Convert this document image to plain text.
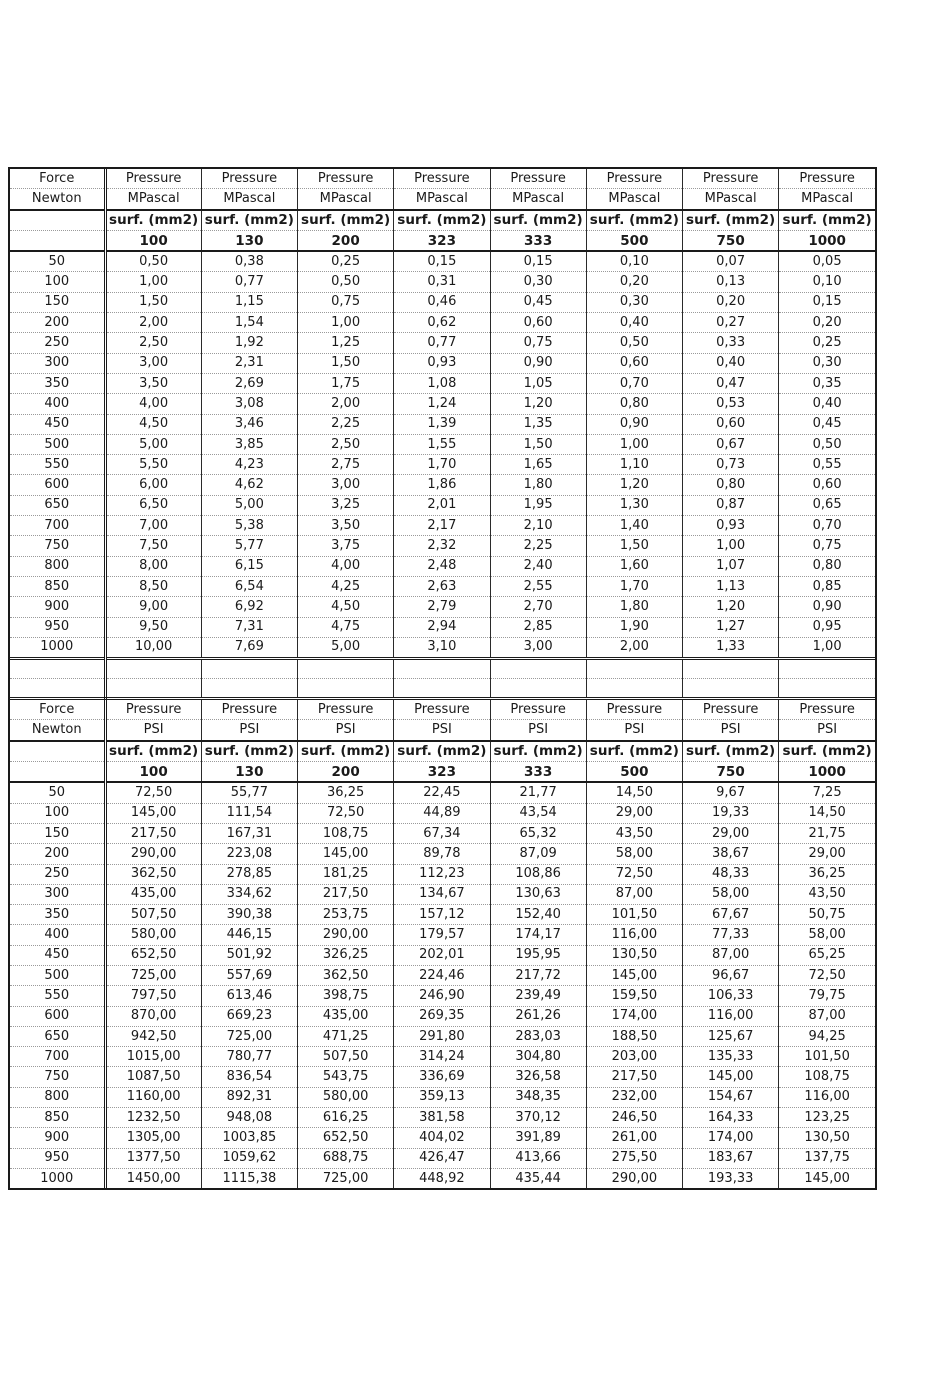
Force	Pressure	Pressure	Pressure	Pressure	Pressure	Pressure	Pressure	Pressure
Newton	MPascal	MPascal	MPascal	MPascal	MPascal	MPascal	MPascal	MPascal
	surf. (mm2)	surf. (mm2)	surf. (mm2)	surf. (mm2)	surf. (mm2)	surf. (mm2)	surf. (mm2)	surf. (mm2)
	100	130	200	323	333	500	750	1000
50	0,50	0,38	0,25	0,15	0,15	0,10	0,07	0,05
100	1,00	0,77	0,50	0,31	0,30	0,20	0,13	0,10
150	1,50	1,15	0,75	0,46	0,45	0,30	0,20	0,15
200	2,00	1,54	1,00	0,62	0,60	0,40	0,27	0,20
250	2,50	1,92	1,25	0,77	0,75	0,50	0,33	0,25
300	3,00	2,31	1,50	0,93	0,90	0,60	0,40	0,30
350	3,50	2,69	1,75	1,08	1,05	0,70	0,47	0,35
400	4,00	3,08	2,00	1,24	1,20	0,80	0,53	0,40
450	4,50	3,46	2,25	1,39	1,35	0,90	0,60	0,45
500	5,00	3,85	2,50	1,55	1,50	1,00	0,67	0,50
550	5,50	4,23	2,75	1,70	1,65	1,10	0,73	0,55
600	6,00	4,62	3,00	1,86	1,80	1,20	0,80	0,60
650	6,50	5,00	3,25	2,01	1,95	1,30	0,87	0,65
700	7,00	5,38	3,50	2,17	2,10	1,40	0,93	0,70
750	7,50	5,77	3,75	2,32	2,25	1,50	1,00	0,75
800	8,00	6,15	4,00	2,48	2,40	1,60	1,07	0,80
850	8,50	6,54	4,25	2,63	2,55	1,70	1,13	0,85
900	9,00	6,92	4,50	2,79	2,70	1,80	1,20	0,90
950	9,50	7,31	4,75	2,94	2,85	1,90	1,27	0,95
1000	10,00	7,69	5,00	3,10	3,00	2,00	1,33	1,00

Force	Pressure	Pressure	Pressure	Pressure	Pressure	Pressure	Pressure	Pressure
Newton	PSI	PSI	PSI	PSI	PSI	PSI	PSI	PSI
	surf. (mm2)	surf. (mm2)	surf. (mm2)	surf. (mm2)	surf. (mm2)	surf. (mm2)	surf. (mm2)	surf. (mm2)
	100	130	200	323	333	500	750	1000
50	72,50	55,77	36,25	22,45	21,77	14,50	9,67	7,25
100	145,00	111,54	72,50	44,89	43,54	29,00	19,33	14,50
150	217,50	167,31	108,75	67,34	65,32	43,50	29,00	21,75
200	290,00	223,08	145,00	89,78	87,09	58,00	38,67	29,00
250	362,50	278,85	181,25	112,23	108,86	72,50	48,33	36,25
300	435,00	334,62	217,50	134,67	130,63	87,00	58,00	43,50
350	507,50	390,38	253,75	157,12	152,40	101,50	67,67	50,75
400	580,00	446,15	290,00	179,57	174,17	116,00	77,33	58,00
450	652,50	501,92	326,25	202,01	195,95	130,50	87,00	65,25
500	725,00	557,69	362,50	224,46	217,72	145,00	96,67	72,50
550	797,50	613,46	398,75	246,90	239,49	159,50	106,33	79,75
600	870,00	669,23	435,00	269,35	261,26	174,00	116,00	87,00
650	942,50	725,00	471,25	291,80	283,03	188,50	125,67	94,25
700	1015,00	780,77	507,50	314,24	304,80	203,00	135,33	101,50
750	1087,50	836,54	543,75	336,69	326,58	217,50	145,00	108,75
800	1160,00	892,31	580,00	359,13	348,35	232,00	154,67	116,00
850	1232,50	948,08	616,25	381,58	370,12	246,50	164,33	123,25
900	1305,00	1003,85	652,50	404,02	391,89	261,00	174,00	130,50
950	1377,50	1059,62	688,75	426,47	413,66	275,50	183,67	137,75
1000	1450,00	1115,38	725,00	448,92	435,44	290,00	193,33	145,00
